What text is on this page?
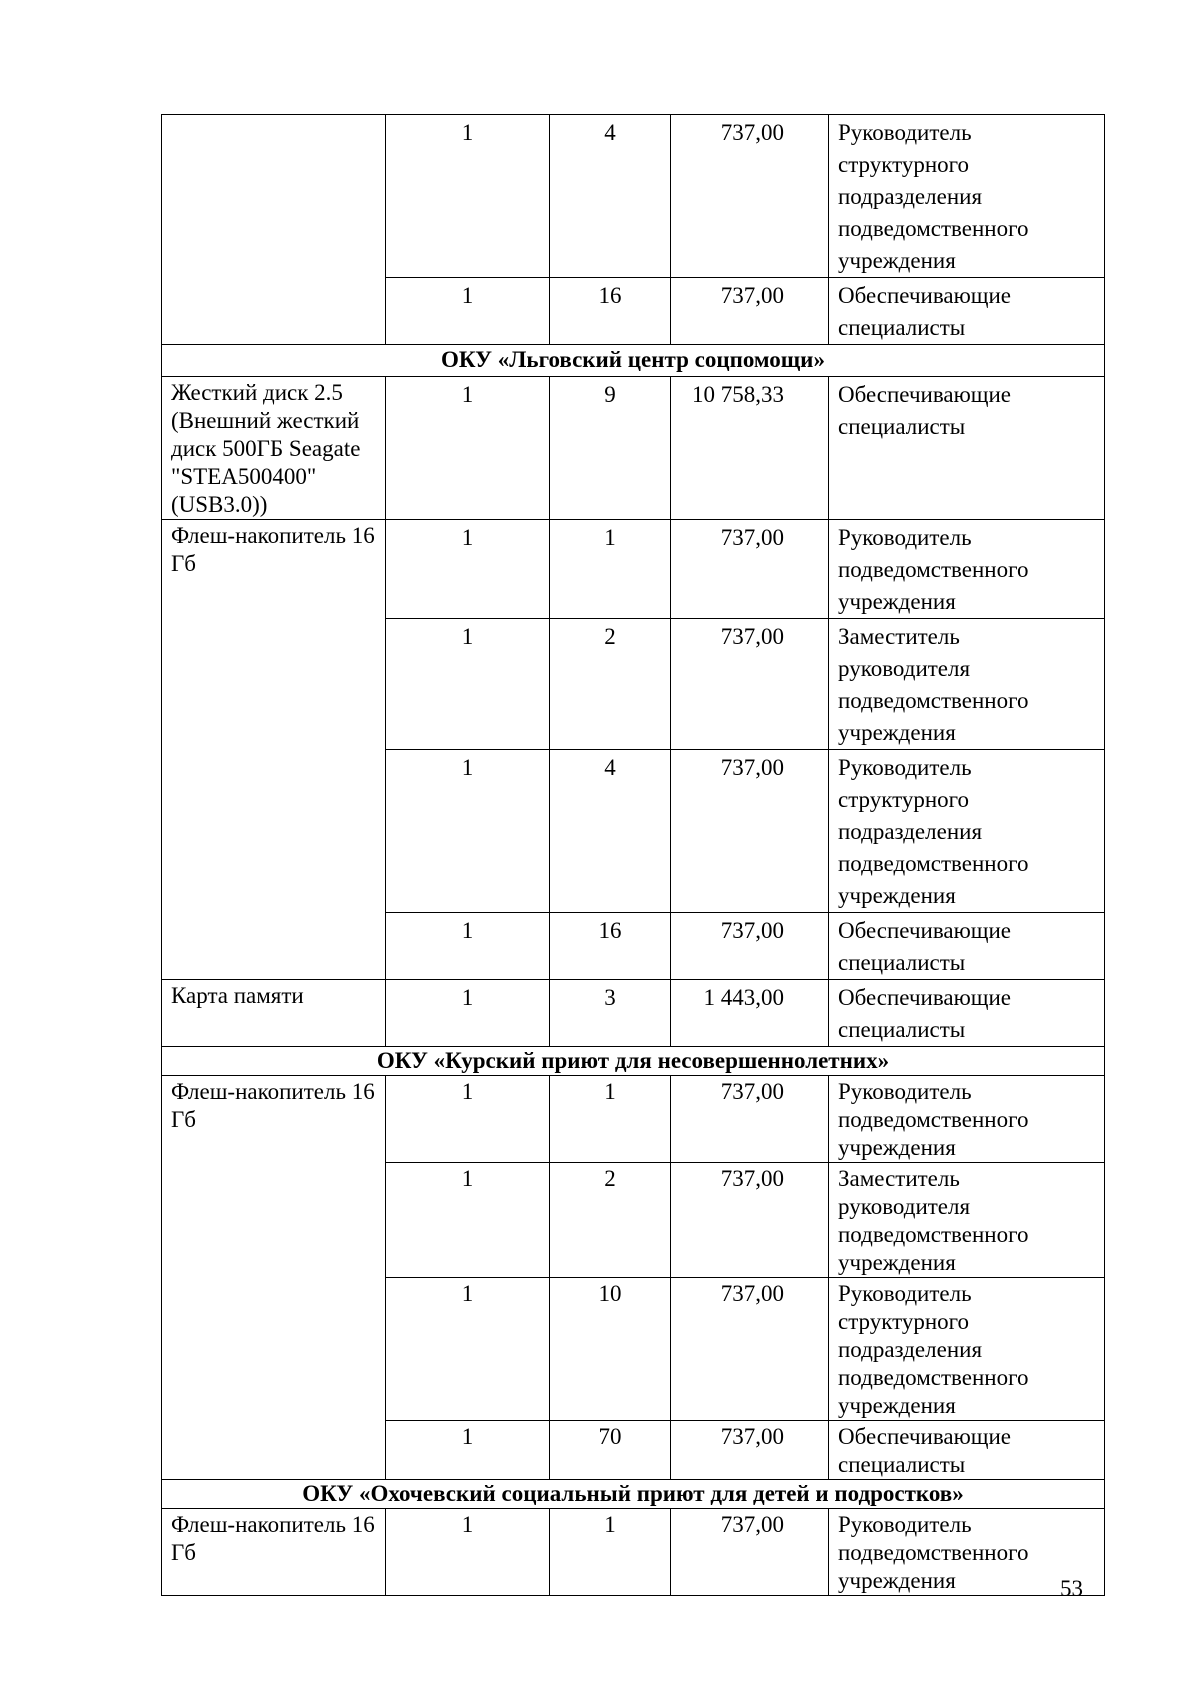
	1	4	737,00	Руководитель структурного подразделения подведомственного учреждения
	1	16	737,00	Обеспечивающие специалисты
ОКУ «Льговский центр соцпомощи»				
Жесткий диск 2.5 (Внешний жесткий диск 500ГБ Seagate "STEA500400" (USB3.0))	1	9	10 758,33	Обеспечивающие специалисты
Флеш-накопитель 16 Гб	1	1	737,00	Руководитель подведомственного учреждения
	1	2	737,00	Заместитель руководителя подведомственного учреждения
	1	4	737,00	Руководитель структурного подразделения подведомственного учреждения
	1	16	737,00	Обеспечивающие специалисты
Карта памяти	1	3	1 443,00	Обеспечивающие специалисты
ОКУ «Курский приют для несовершеннолетних»				
Флеш-накопитель 16 Гб	1	1	737,00	Руководитель подведомственного учреждения
	1	2	737,00	Заместитель руководителя подведомственного учреждения
	1	10	737,00	Руководитель структурного подразделения подведомственного учреждения
	1	70	737,00	Обеспечивающие специалисты
ОКУ «Охочевский социальный приют для детей и подростков»				
Флеш-накопитель 16 Гб	1	1	737,00	Руководитель подведомственного учреждения	53
